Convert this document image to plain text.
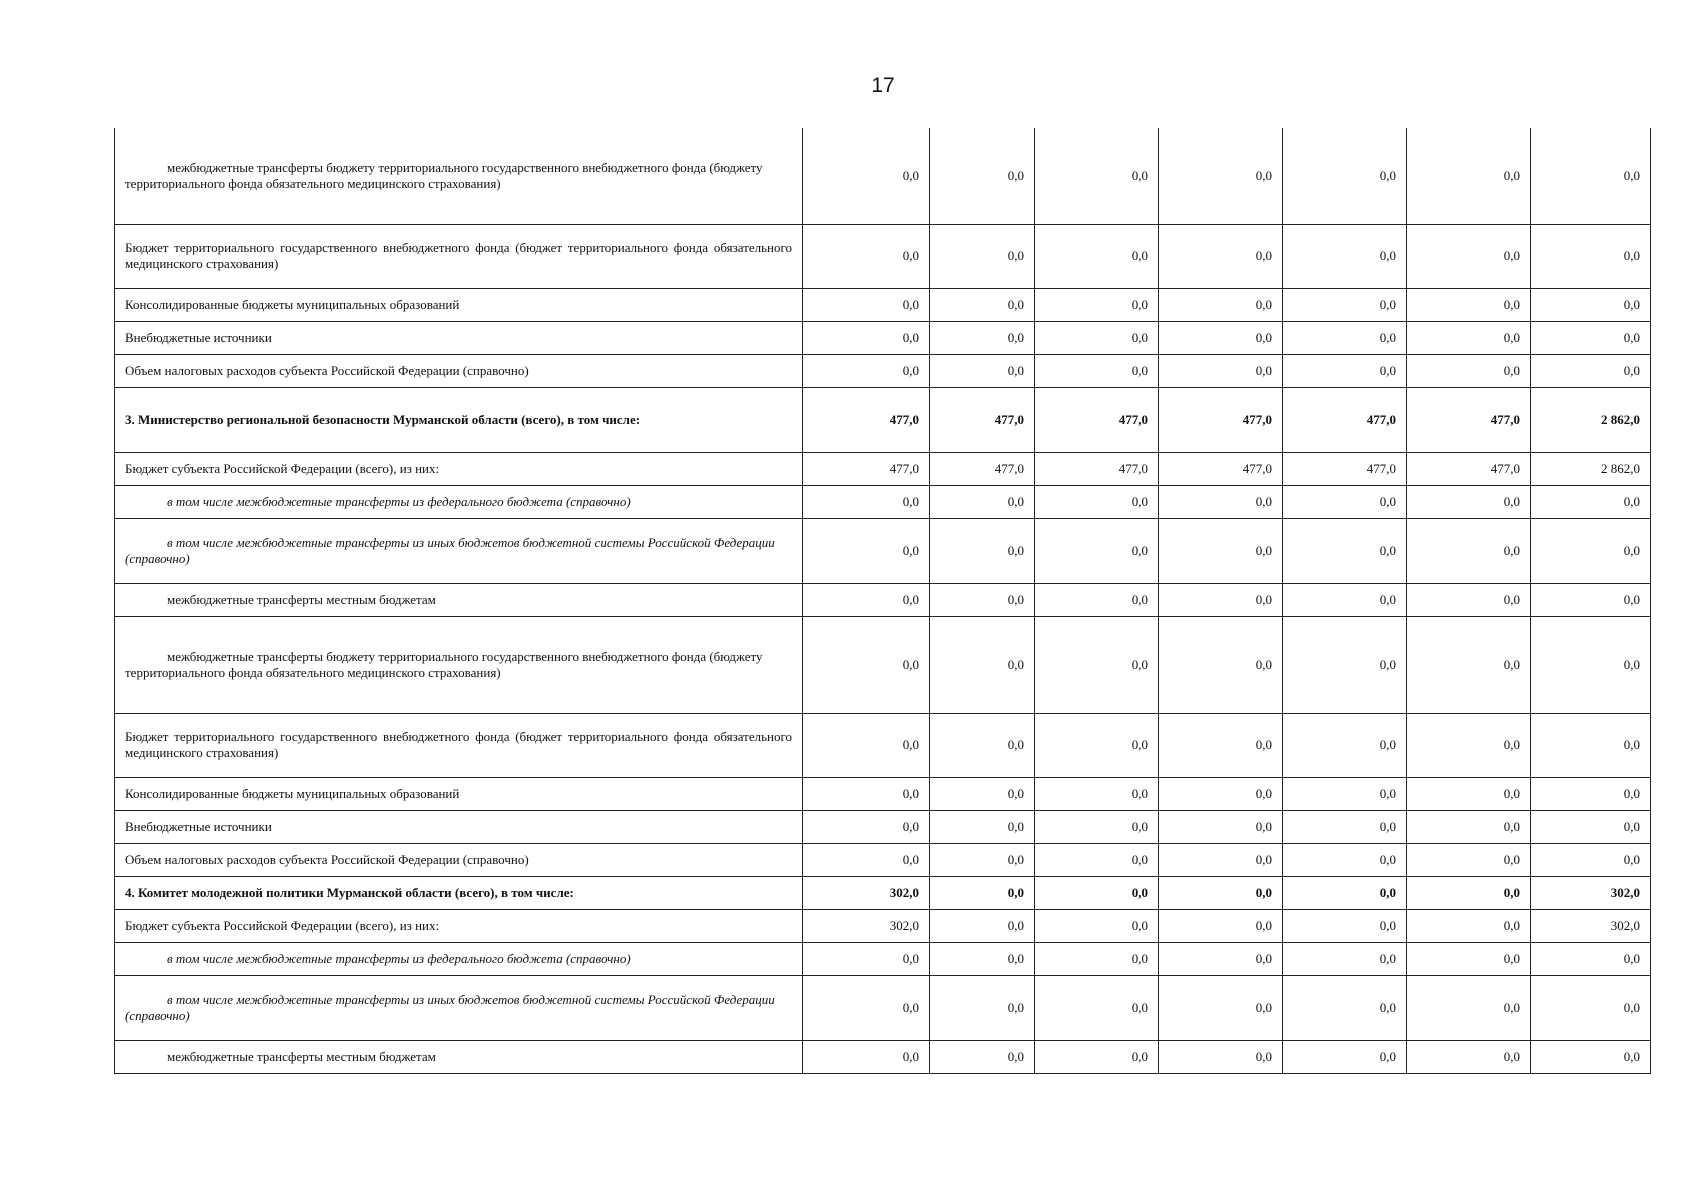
17
межбюджетные трансферты бюджету территориального государственного внебюджетного фонда (бюджету территориального фонда обязательного медицинского страхования)	0,0	0,0	0,0	0,0	0,0	0,0	0,0
Бюджет территориального государственного внебюджетного фонда (бюджет территориального фонда обязательного медицинского страхования)	0,0	0,0	0,0	0,0	0,0	0,0	0,0
Консолидированные бюджеты муниципальных образований	0,0	0,0	0,0	0,0	0,0	0,0	0,0
Внебюджетные источники	0,0	0,0	0,0	0,0	0,0	0,0	0,0
Объем налоговых расходов субъекта Российской Федерации (справочно)	0,0	0,0	0,0	0,0	0,0	0,0	0,0
3. Министерство региональной безопасности Мурманской области (всего), в том числе:	477,0	477,0	477,0	477,0	477,0	477,0	2 862,0
Бюджет субъекта Российской Федерации (всего), из них:	477,0	477,0	477,0	477,0	477,0	477,0	2 862,0
в том числе межбюджетные трансферты из федерального бюджета (справочно)	0,0	0,0	0,0	0,0	0,0	0,0	0,0
в том числе межбюджетные трансферты из иных бюджетов бюджетной системы Российской Федерации (справочно)	0,0	0,0	0,0	0,0	0,0	0,0	0,0
межбюджетные трансферты местным бюджетам	0,0	0,0	0,0	0,0	0,0	0,0	0,0
межбюджетные трансферты бюджету территориального государственного внебюджетного фонда (бюджету территориального фонда обязательного медицинского страхования)	0,0	0,0	0,0	0,0	0,0	0,0	0,0
Бюджет территориального государственного внебюджетного фонда (бюджет территориального фонда обязательного медицинского страхования)	0,0	0,0	0,0	0,0	0,0	0,0	0,0
Консолидированные бюджеты муниципальных образований	0,0	0,0	0,0	0,0	0,0	0,0	0,0
Внебюджетные источники	0,0	0,0	0,0	0,0	0,0	0,0	0,0
Объем налоговых расходов субъекта Российской Федерации (справочно)	0,0	0,0	0,0	0,0	0,0	0,0	0,0
4. Комитет молодежной политики Мурманской области (всего), в том числе:	302,0	0,0	0,0	0,0	0,0	0,0	302,0
Бюджет субъекта Российской Федерации (всего), из них:	302,0	0,0	0,0	0,0	0,0	0,0	302,0
в том числе межбюджетные трансферты из федерального бюджета (справочно)	0,0	0,0	0,0	0,0	0,0	0,0	0,0
в том числе межбюджетные трансферты из иных бюджетов бюджетной системы Российской Федерации (справочно)	0,0	0,0	0,0	0,0	0,0	0,0	0,0
межбюджетные трансферты местным бюджетам	0,0	0,0	0,0	0,0	0,0	0,0	0,0
